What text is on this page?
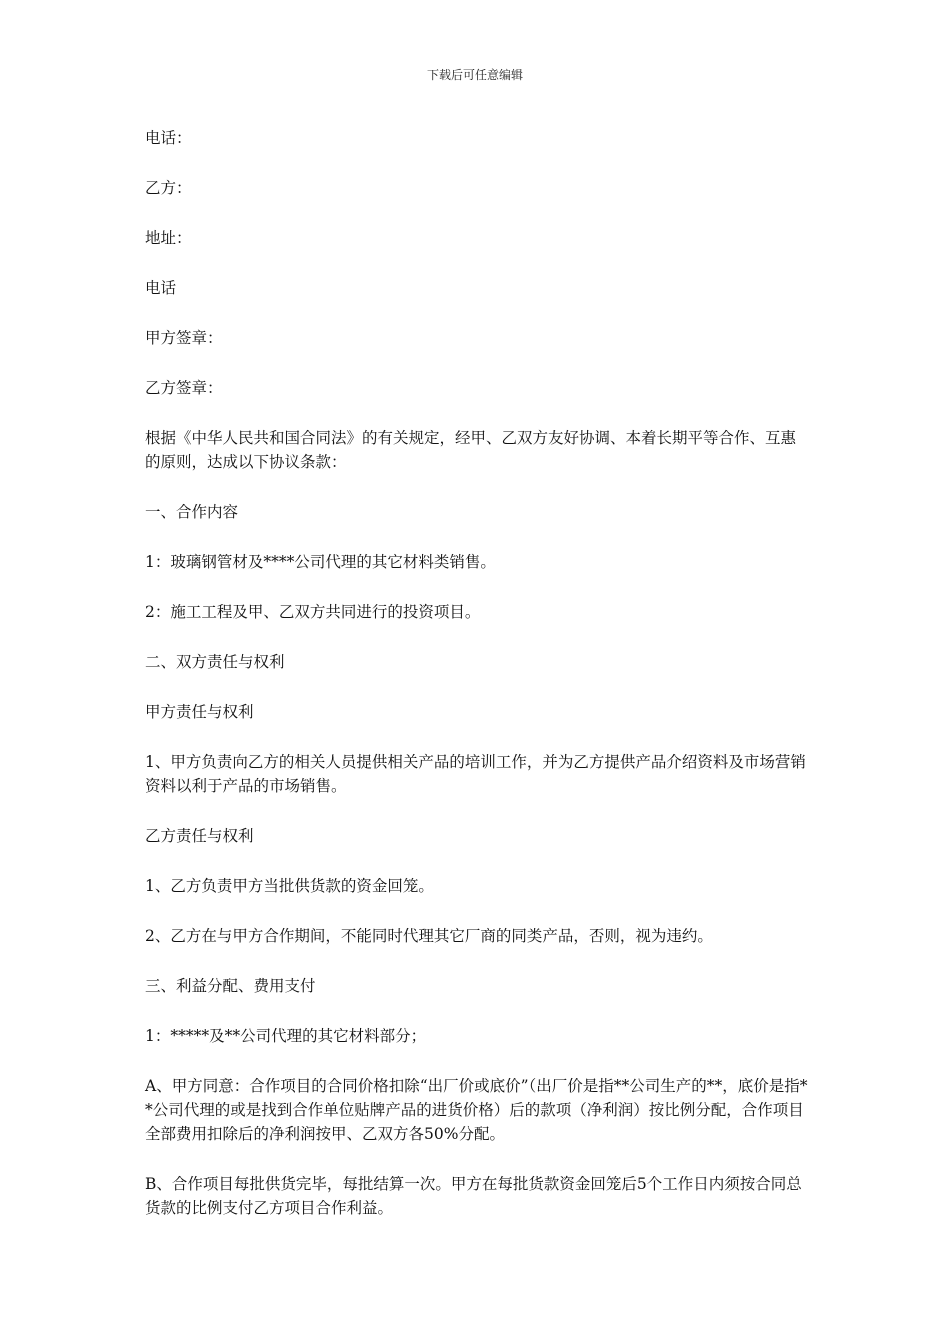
下载后可任意编辑

电话：

乙方：

地址：

电话

甲方签章：

乙方签章：

根据《中华人民共和国合同法》的有关规定，经甲、乙双方友好协调、本着长期平等合作、互惠的原则，达成以下协议条款：

一、合作内容

1：玻璃钢管材及****公司代理的其它材料类销售。

2：施工工程及甲、乙双方共同进行的投资项目。

二、双方责任与权利

甲方责任与权利

1、甲方负责向乙方的相关人员提供相关产品的培训工作，并为乙方提供产品介绍资料及市场营销资料以利于产品的市场销售。

乙方责任与权利

1、乙方负责甲方当批供货款的资金回笼。

2、乙方在与甲方合作期间，不能同时代理其它厂商的同类产品，否则，视为违约。

三、利益分配、费用支付

1：*****及**公司代理的其它材料部分；

A、甲方同意：合作项目的合同价格扣除“出厂价或底价”（出厂价是指**公司生产的**，底价是指**公司代理的或是找到合作单位贴牌产品的进货价格）后的款项（净利润）按比例分配，合作项目全部费用扣除后的净利润按甲、乙双方各50%分配。

B、合作项目每批供货完毕，每批结算一次。甲方在每批货款资金回笼后5个工作日内须按合同总货款的比例支付乙方项目合作利益。
